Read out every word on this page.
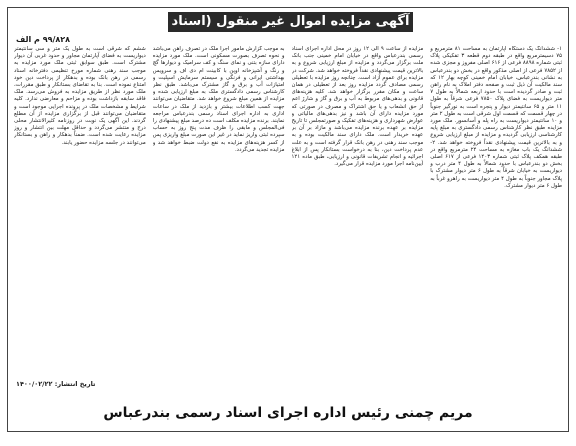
آگهی مزایده اموال غیر منقول (اسناد رهنی)
۹۹/۸۲۸ م الف
۱- ششدانگ یک دستگاه آپارتمان به مساحت ۸۱ مترمربع و ۷۵ دسیمترمربع واقع در طبقه دوم قطعه ۳ تفکیکی پلاک ثبتی شماره ۸۸۹۸ فرعی از ۶۱۶ اصلی مفروز و مجزی شده از ۷۸۵۲ فرعی از اصلی مذکور واقع در بخش دو بندرعباس به نشانی بندرعباس، خیابان امام خمینی کوچه بهار ۱۲ که سند مالکیت آن ذیل ثبت و صفحه دفتر املاک به نام راهن ثبت و صادر گردیده است با حدود اربعه شمالاً به طول ۷ متر دیواریست به فضای پلاک ۷۸۵۰ فرعی شرقاً به طول ۱۱ متر و ۶۵ سانتیمتر دیوار و پنجره است به نورگیر جنوباً در چهار قسمت که قسمت اول شرقی است به طول ۲ متر و ۱۰ سانتیمتر دیواریست به راه پله و آسانسور. ملک مورد مزایده طبق نظر کارشناس رسمی دادگستری به مبلغ پایه کارشناسی ارزیابی گردیده و مزایده از مبلغ ارزیابی شروع و به بالاترین قیمت پیشنهادی نقداً فروخته خواهد شد. ۲- ششدانگ یک باب مغازه به مساحت ۲۴ مترمربع واقع در طبقه همکف پلاک ثبتی شماره ۱۴۰۳ فرعی از ۶۱۷ اصلی بخش دو بندرعباس با حدود شمالاً به طول ۴ متر درب و دیواریست به خیابان شرقاً به طول ۶ متر دیوار مشترک با پلاک مجاور جنوباً به طول ۴ متر دیواریست به راهرو غرباً به طول ۶ متر دیوار مشترک.
مزایده از ساعت ۹ الی ۱۲ روز در محل اداره اجرای اسناد رسمی بندرعباس واقع در خیابان امام خمینی جنب بانک ملت برگزار می‌گردد و مزایده از مبلغ ارزیابی شروع و به بالاترین قیمت پیشنهادی نقداً فروخته خواهد شد. شرکت در مزایده برای عموم آزاد است. چنانچه روز مزایده با تعطیلی رسمی مصادف گردد مزایده روز بعد از تعطیلی در همان ساعت و مکان مقرر برگزار خواهد شد. کلیه هزینه‌های قانونی و بدهی‌های مربوط به آب و برق و گاز و شارژ اعم از حق انشعاب و یا حق اشتراک و مصرف در صورتی که مورد مزایده دارای آن باشد و نیز بدهی‌های مالیاتی و عوارض شهرداری و هزینه‌های تفکیک و صورتمجلس تا تاریخ مزایده بر عهده برنده مزایده می‌باشد و مازاد بر آن بر عهده خریدار است. ملک دارای سند مالکیت بوده و به موجب سند رهنی در رهن بانک قرار گرفته است و به علت عدم پرداخت دین، بنا به درخواست بستانکار پس از ابلاغ اجرائیه و انجام تشریفات قانونی و ارزیابی، طبق ماده ۱۲۱ آیین‌نامه اجرا مورد مزایده قرار می‌گیرد.
به موجب گزارش مامور اجرا ملک در تصرف راهن می‌باشد و نحوه تصرف بصورت مسکونی است. ملک مورد مزایده دارای سازه بتنی و نمای سنگ و کف سرامیک و دیوارها گچ و رنگ و آشپزخانه اوپن با کابینت ام دی اف و سرویس بهداشتی ایرانی و فرنگی و سیستم سرمایش اسپلیت و امتیازات آب و برق و گاز مشترک می‌باشد. طبق نظر کارشناس رسمی دادگستری ملک به مبلغ ارزیابی شده و مزایده از همین مبلغ شروع خواهد شد. متقاضیان می‌توانند جهت کسب اطلاعات بیشتر و بازدید از ملک در ساعات اداری به اداره اجرای اسناد رسمی بندرعباس مراجعه نمایند. برنده مزایده مکلف است ده درصد مبلغ پیشنهادی را فی‌المجلس و مابقی را ظرف مدت پنج روز به حساب سپرده ثبتی واریز نماید در غیر این صورت مبلغ واریزی پس از کسر هزینه‌های مزایده به نفع دولت ضبط خواهد شد و مزایده تجدید می‌گردد.
ششم که شرقی است به طول یک متر و سی سانتیمتر دیواریست به فضای آپارتمان مجاور و حدود غربی آن دیوار مشترک است. طبق سوابق ثبتی ملک مورد مزایده به موجب سند رهنی شماره مورخ تنظیمی دفترخانه اسناد رسمی در رهن بانک بوده و بدهکار از پرداخت دین خود امتناع نموده است. بنا به تقاضای بستانکار و طبق مقررات، ملک مورد نظر از طریق مزایده به فروش می‌رسد. ملک فاقد سابقه بازداشت بوده و مزاحم و معارضی ندارد. کلیه شرایط و مشخصات ملک در پرونده اجرایی موجود است و متقاضیان می‌توانند قبل از برگزاری مزایده از آن مطلع گردند. این آگهی یک نوبت در روزنامه کثیرالانتشار محلی درج و منتشر می‌گردد و حداقل مهلت بین انتشار و روز مزایده رعایت شده است. ضمناً بدهکار و راهن و بستانکار می‌توانند در جلسه مزایده حضور یابند.
تاریخ انتشار: ۱۴۰۰/۰۲/۲۲
مریم چمنی رئیس اداره اجرای اسناد رسمی بندرعباس
